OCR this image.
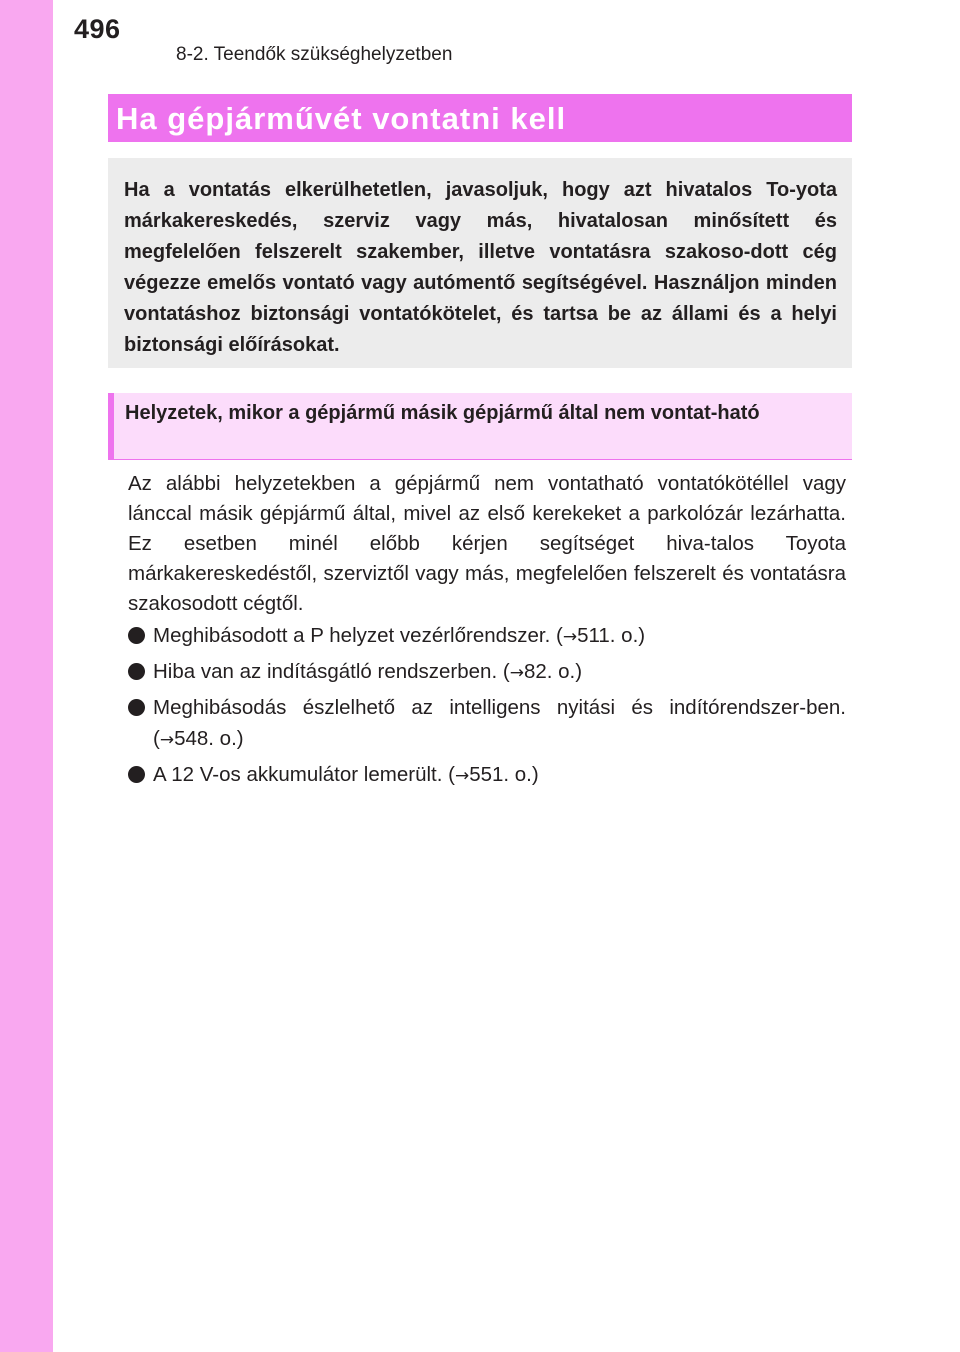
496
8-2. Teendők szükséghelyzetben
Ha gépjárművét vontatni kell

Ha a vontatás elkerülhetetlen, javasoljuk, hogy azt hivatalos To-yota márkakereskedés, szerviz vagy más, hivatalosan minősített és megfelelően felszerelt szakember, illetve vontatásra szakoso-dott cég végezze emelős vontató vagy autómentő segítségével. Használjon minden vontatáshoz biztonsági vontatókötelet, és tartsa be az állami és a helyi biztonsági előírásokat.

Helyzetek, mikor a gépjármű másik gépjármű által nem vontat-ható
Az alábbi helyzetekben a gépjármű nem vontatható vontatókötéllel vagy lánccal másik gépjármű által, mivel az első kerekeket a parkolózár lezárhatta. Ez esetben minél előbb kérjen segítséget hiva-talos Toyota márkakereskedéstől, szerviztől vagy más, megfelelően felszerelt és vontatásra szakosodott cégtől.
Meghibásodott a P helyzet vezérlőrendszer. (→511. o.)
Hiba van az indításgátló rendszerben. (→82. o.)
Meghibásodás észlelhető az intelligens nyitási és indítórendszer-ben. (→548. o.)
A 12 V-os akkumulátor lemerült. (→551. o.)
